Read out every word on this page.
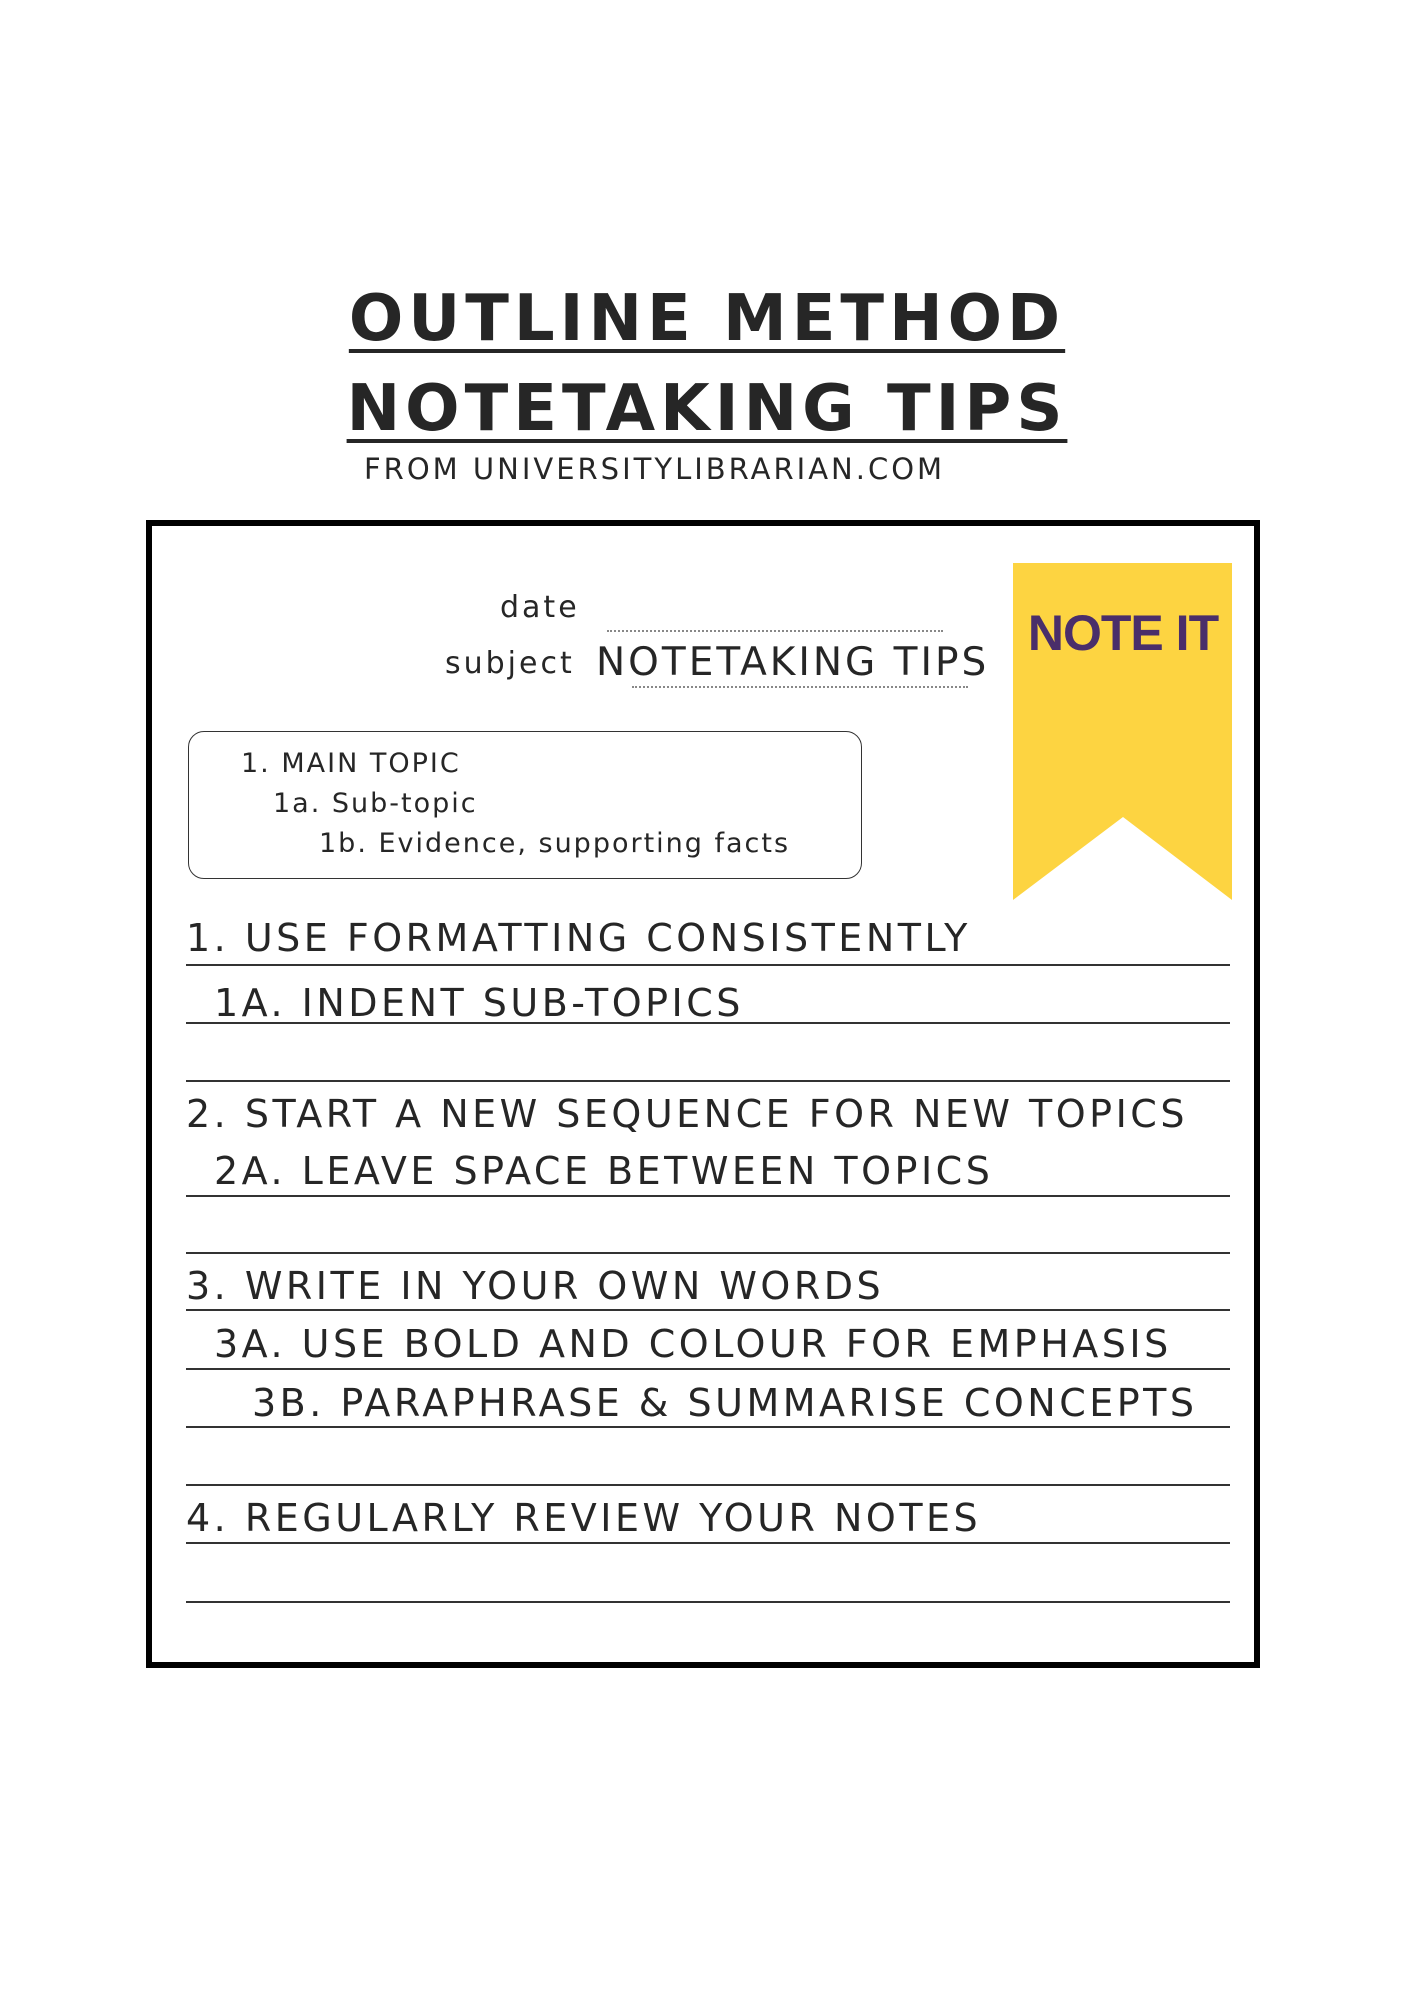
OUTLINE METHOD
NOTETAKING TIPS
FROM UNIVERSITYLIBRARIAN.COM
date
subject NOTETAKING TIPS
NOTE IT
1. MAIN TOPIC
1a. Sub-topic
1b. Evidence, supporting facts
1. USE FORMATTING CONSISTENTLY
1A. INDENT SUB-TOPICS
2. START A NEW SEQUENCE FOR NEW TOPICS
2A. LEAVE SPACE BETWEEN TOPICS
3. WRITE IN YOUR OWN WORDS
3A. USE BOLD AND COLOUR FOR EMPHASIS
3B. PARAPHRASE & SUMMARISE CONCEPTS
4. REGULARLY REVIEW YOUR NOTES
